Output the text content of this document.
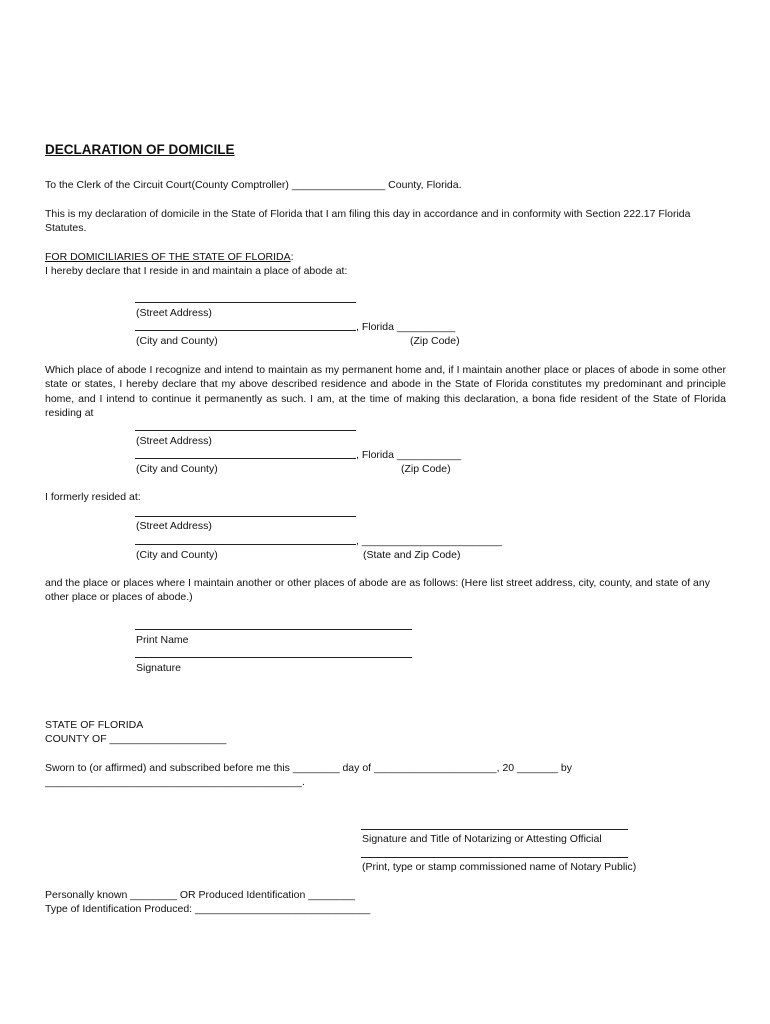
DECLARATION OF DOMICILE
To the Clerk of the Circuit Court(County Comptroller) ________________ County, Florida.
This is my declaration of domicile in the State of Florida that I am filing this day in accordance and in conformity with Section 222.17 Florida Statutes.
FOR DOMICILIARIES OF THE STATE OF FLORIDA:
I hereby declare that I reside in and maintain a place of abode at:
(Street Address)
, Florida __________
(City and County)	(Zip Code)
Which place of abode I recognize and intend to maintain as my permanent home and, if I maintain another place or places of abode in some other state or states, I hereby declare that my above described residence and abode in the State of Florida constitutes my predominant and principle home, and I intend to continue it permanently as such. I am, at the time of making this declaration, a bona fide resident of the State of Florida residing at
(Street Address)
, Florida ___________
(City and County)	(Zip Code)
I formerly resided at:
(Street Address)
, ________________________
(City and County)	(State and Zip Code)
and the place or places where I maintain another or other places of abode are as follows: (Here list street address, city, county, and state of any other place or places of abode.)
Print Name
Signature
STATE OF FLORIDA
COUNTY OF ____________________
Sworn to (or affirmed) and subscribed before me this ________ day of _____________________, 20 _______ by
____________________________________________.
Signature and Title of Notarizing or Attesting Official
(Print, type or stamp commissioned name of Notary Public)
Personally known ________ OR Produced Identification ________
Type of Identification Produced: ______________________________
